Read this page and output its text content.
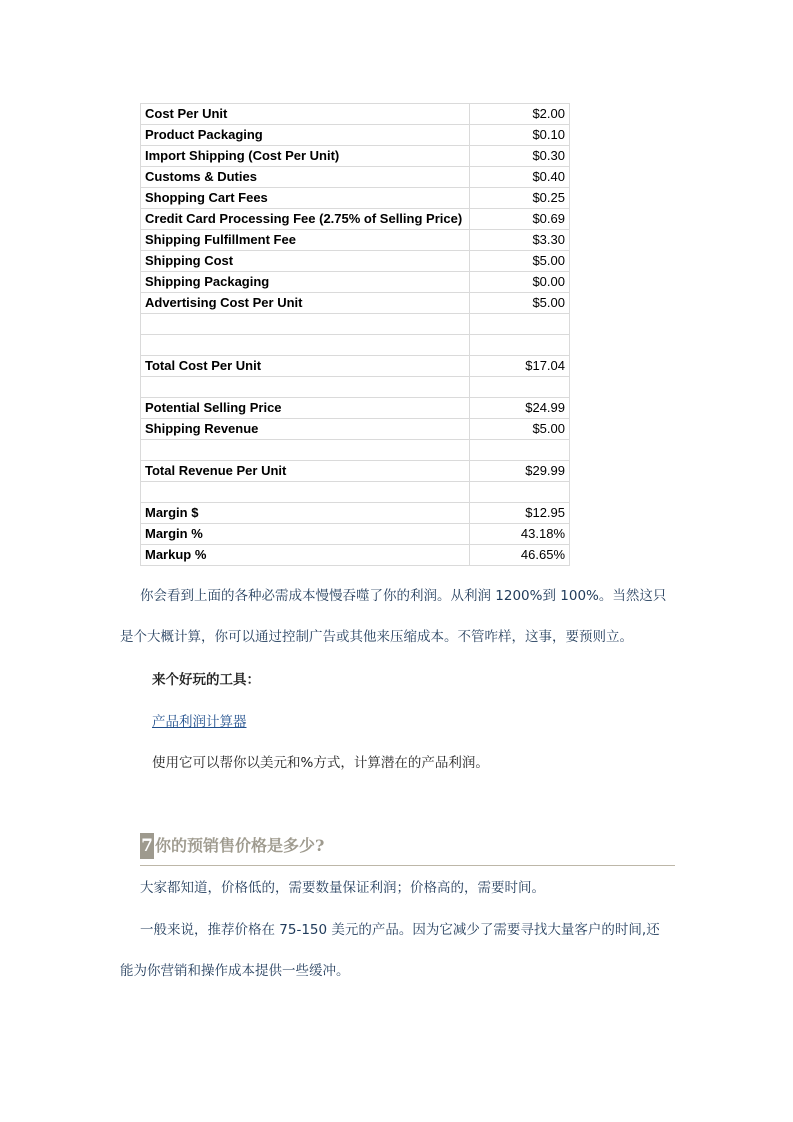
Cost Per Unit	$2.00
Product Packaging	$0.10
Import Shipping (Cost Per Unit)	$0.30
Customs & Duties	$0.40
Shopping Cart Fees	$0.25
Credit Card Processing Fee (2.75% of Selling Price)	$0.69
Shipping Fulfillment Fee	$3.30
Shipping Cost	$5.00
Shipping Packaging	$0.00
Advertising Cost Per Unit	$5.00

Total Cost Per Unit	$17.04

Potential Selling Price	$24.99
Shipping Revenue	$5.00

Total Revenue Per Unit	$29.99

Margin $	$12.95
Margin %	43.18%
Markup %	46.65%
你会看到上面的各种必需成本慢慢吞噬了你的利润。从利润 1200%到 100%。当然这只
是个大概计算，你可以通过控制广告或其他来压缩成本。不管咋样，这事，要预则立。
来个好玩的工具：
产品利润计算器
使用它可以帮你以美元和%方式，计算潜在的产品利润。
7 你的预销售价格是多少?
大家都知道，价格低的，需要数量保证利润；价格高的，需要时间。
一般来说，推荐价格在 75-150 美元的产品。因为它减少了需要寻找大量客户的时间,还
能为你营销和操作成本提供一些缓冲。
